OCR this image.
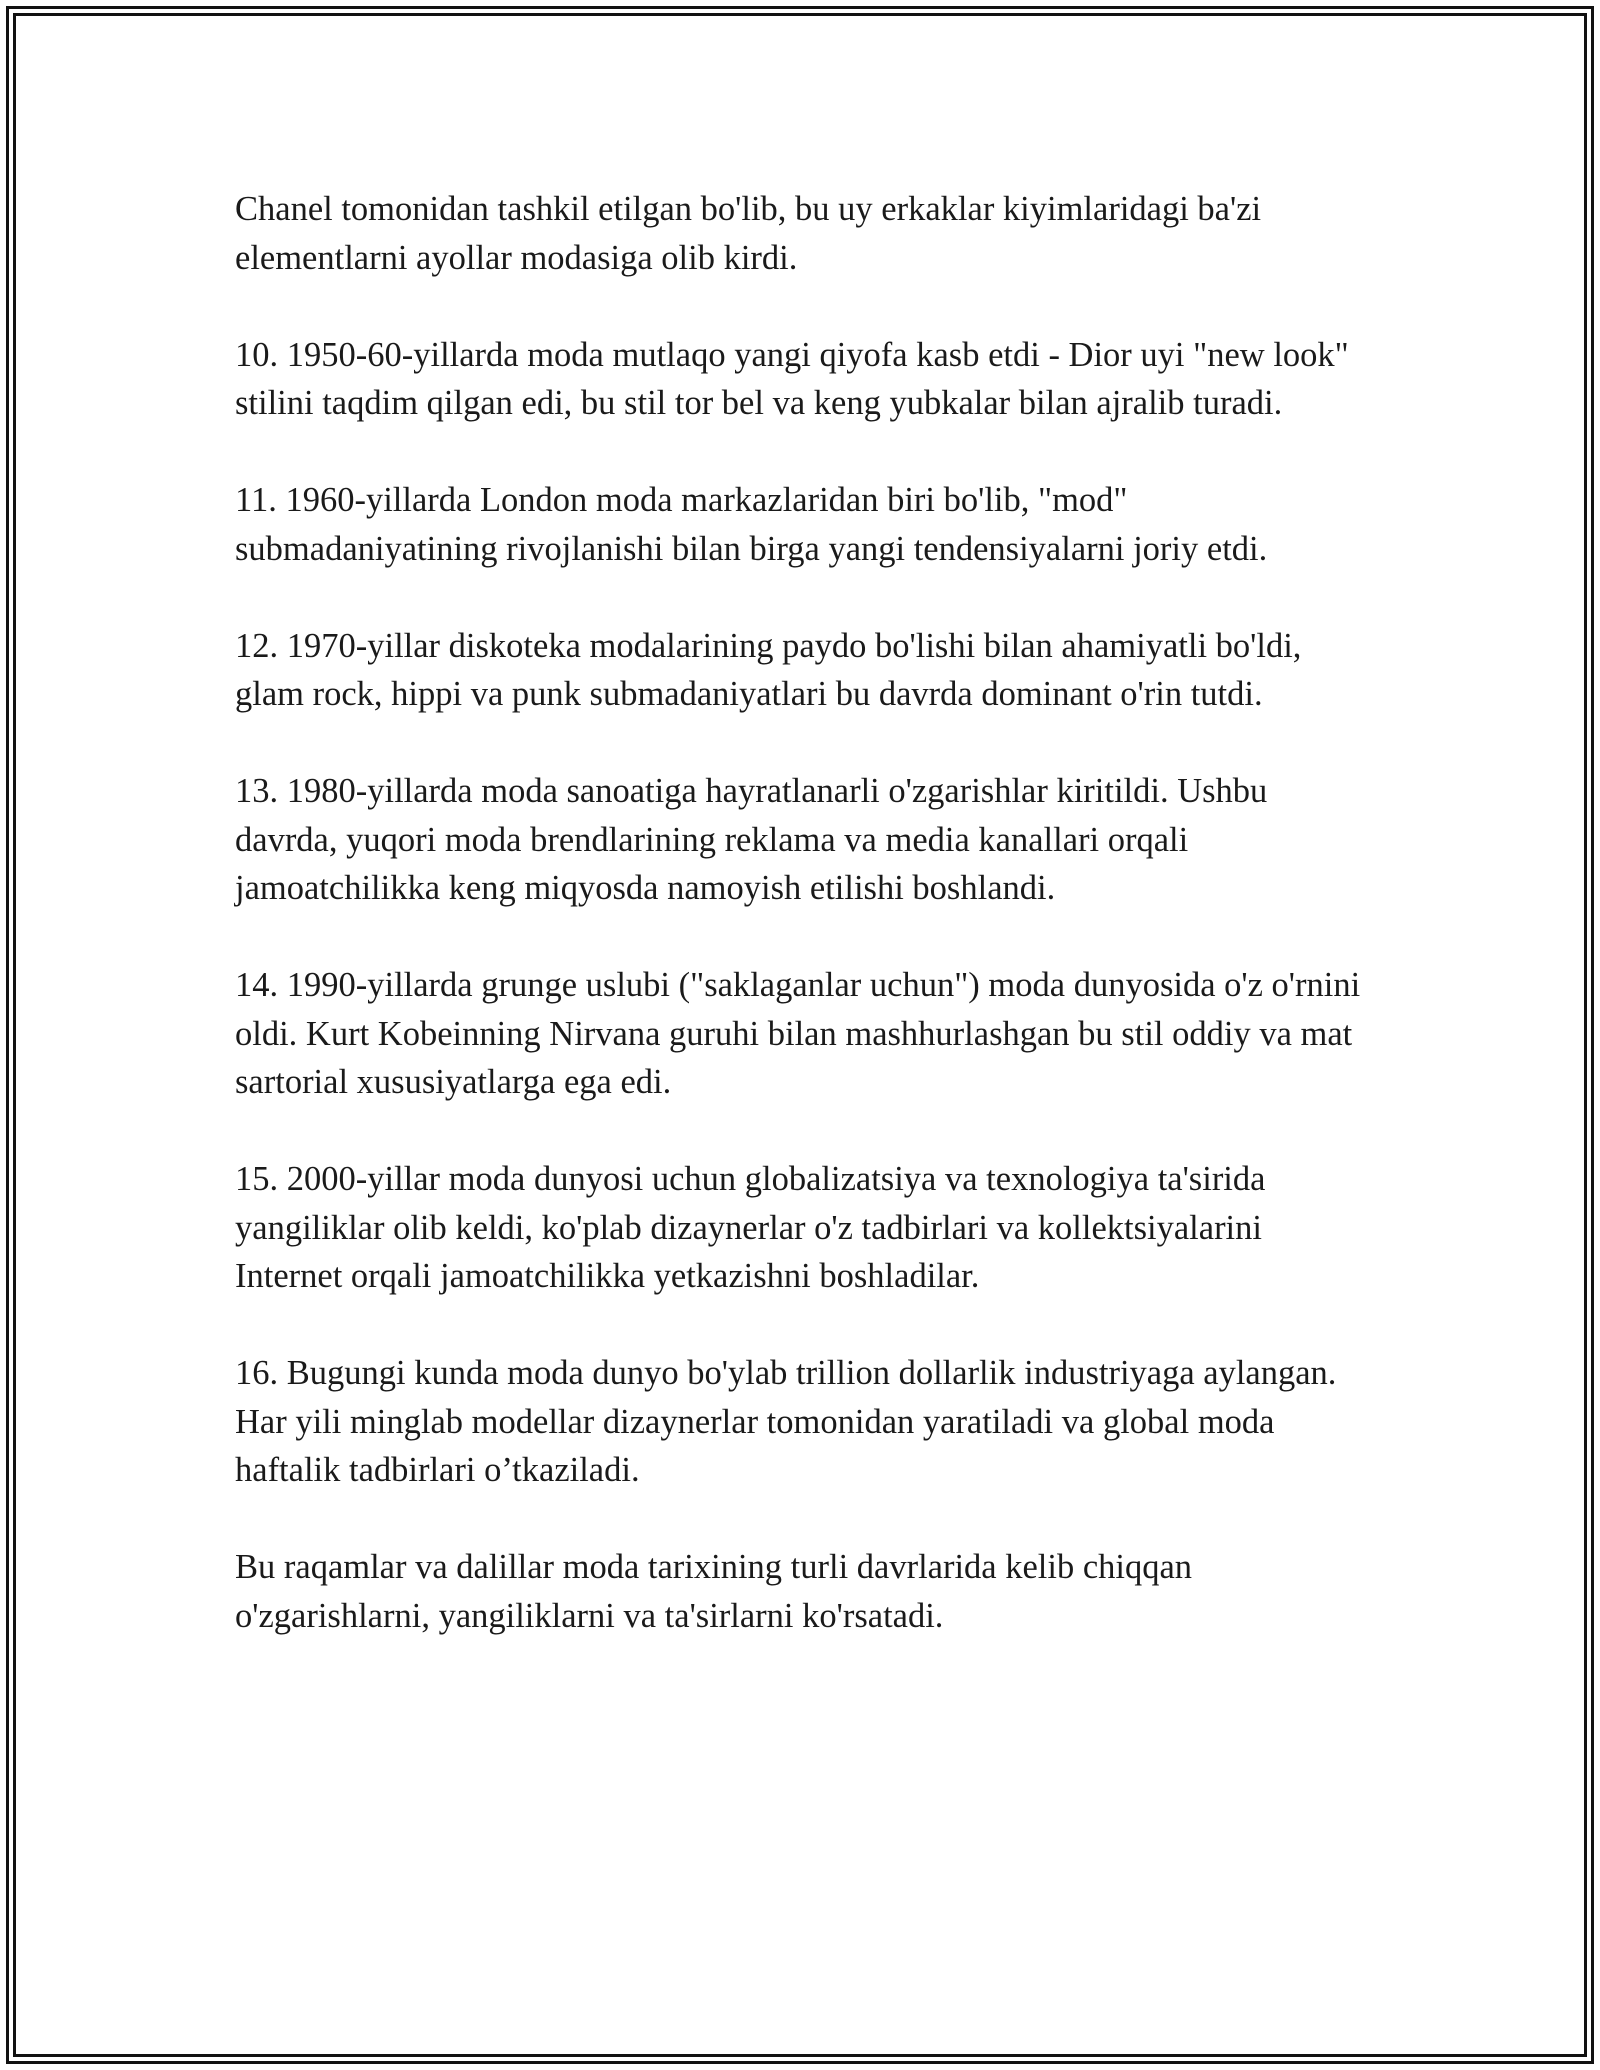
Chanel tomonidan tashkil etilgan bo'lib, bu uy erkaklar kiyimlaridagi ba'zi elementlarni ayollar modasiga olib kirdi.

10. 1950-60-yillarda moda mutlaqo yangi qiyofa kasb etdi - Dior uyi "new look" stilini taqdim qilgan edi, bu stil tor bel va keng yubkalar bilan ajralib turadi.

11. 1960-yillarda London moda markazlaridan biri bo'lib, "mod" submadaniyatining rivojlanishi bilan birga yangi tendensiyalarni joriy etdi.

12. 1970-yillar diskoteka modalarining paydo bo'lishi bilan ahamiyatli bo'ldi, glam rock, hippi va punk submadaniyatlari bu davrda dominant o'rin tutdi.

13. 1980-yillarda moda sanoatiga hayratlanarli o'zgarishlar kiritildi. Ushbu davrda, yuqori moda brendlarining reklama va media kanallari orqali jamoatchilikka keng miqyosda namoyish etilishi boshlandi.

14. 1990-yillarda grunge uslubi ("saklaganlar uchun") moda dunyosida o'z o'rnini oldi. Kurt Kobeinning Nirvana guruhi bilan mashhurlashgan bu stil oddiy va mat sartorial xususiyatlarga ega edi.

15. 2000-yillar moda dunyosi uchun globalizatsiya va texnologiya ta'sirida yangiliklar olib keldi, ko'plab dizaynerlar o'z tadbirlari va kollektsiyalarini Internet orqali jamoatchilikka yetkazishni boshladilar.

16. Bugungi kunda moda dunyo bo'ylab trillion dollarlik industriyaga aylangan. Har yili minglab modellar dizaynerlar tomonidan yaratiladi va global moda haftalik tadbirlari o’tkaziladi.

Bu raqamlar va dalillar moda tarixining turli davrlarida kelib chiqqan o'zgarishlarni, yangiliklarni va ta'sirlarni ko'rsatadi.
